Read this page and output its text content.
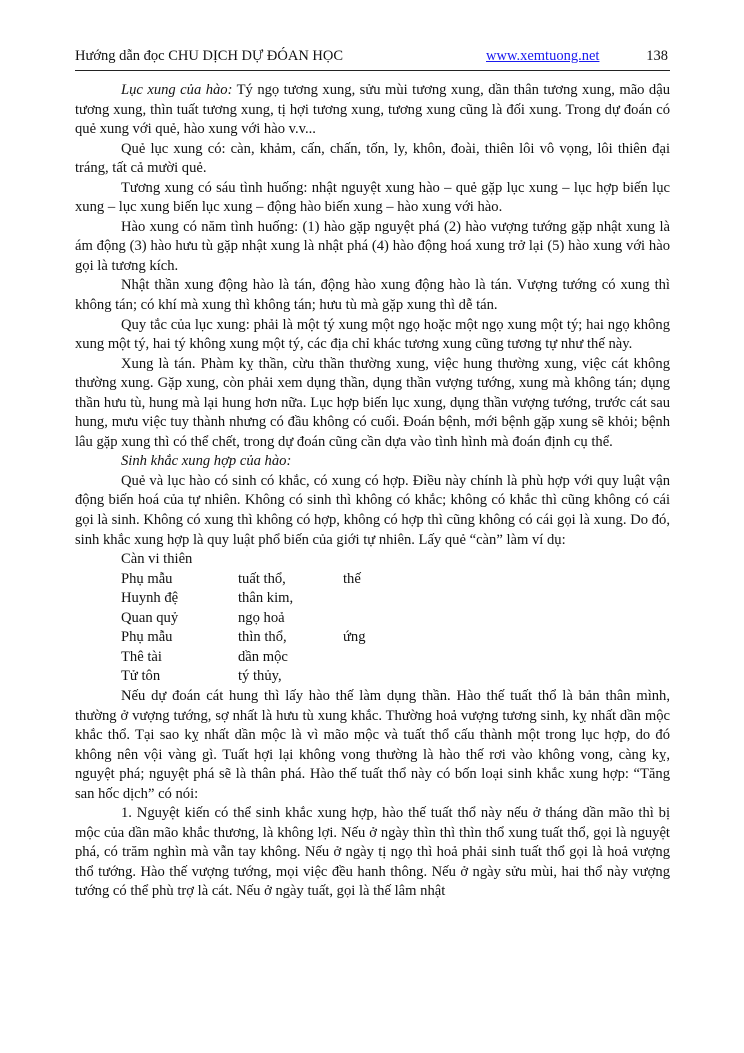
Hướng dẫn đọc CHU DỊCH DỰ ĐÓAN HỌC	www.xemtuong.net	138

Lục xung của hào: Tý ngọ tương xung, sửu mùi tương xung, dần thân tương xung, mão dậu tương xung, thìn tuất tương xung, tị hợi tương xung, tương xung cũng là đối xung. Trong dự đoán có quẻ xung với quẻ, hào xung với hào v.v...

Quẻ lục xung có: càn, khảm, cấn, chấn, tốn, ly, khôn, đoài, thiên lôi vô vọng, lôi thiên đại tráng, tất cả mười quẻ.

Tương xung có sáu tình huống: nhật nguyệt xung hào – quẻ gặp lục xung – lục hợp biến lục xung – lục xung biến lục xung – động hào biến xung – hào xung với hào.

Hào xung có năm tình huống: (1) hào gặp nguyệt phá (2) hào vượng tướng gặp nhật xung là ám động (3) hào hưu tù gặp nhật xung là nhật phá (4) hào động hoá xung trở lại (5) hào xung với hào gọi là tương kích.

Nhật thần xung động hào là tán, động hào xung động hào là tán. Vượng tướng có xung thì không tán; có khí mà xung thì không tán; hưu tù mà gặp xung thì dễ tán.

Quy tắc của lục xung: phải là một tý xung một ngọ hoặc một ngọ xung một tý; hai ngọ không xung một tý, hai tý không xung một tý, các địa chỉ khác tương xung cũng tương tự như thế này.

Xung là tán. Phàm kỵ thần, cừu thần thường xung, việc hung thường xung, việc cát không thường xung. Gặp xung, còn phải xem dụng thần, dụng thần vượng tướng, xung mà không tán; dụng thần hưu tù, hung mà lại hung hơn nữa. Lục hợp biến lục xung, dụng thần vượng tướng, trước cát sau hung, mưu việc tuy thành nhưng có đầu không có cuối. Đoán bệnh, mới bệnh gặp xung sẽ khỏi; bệnh lâu gặp xung thì có thể chết, trong dự đoán cũng cần dựa vào tình hình mà đoán định cụ thể.

Sinh khắc xung hợp của hào:

Quẻ và lục hào có sinh có khắc, có xung có hợp. Điều này chính là phù hợp với quy luật vận động biến hoá của tự nhiên. Không có sinh thì không có khắc; không có khắc thì cũng không có cái gọi là sinh. Không có xung thì không có hợp, không có hợp thì cũng không có cái gọi là xung. Do đó, sinh khắc xung hợp là quy luật phổ biến của giới tự nhiên. Lấy quẻ “càn” làm ví dụ:

Càn vi thiên
Phụ mẫu	tuất thổ,	thế
Huynh đệ	thân kim,
Quan quỷ	ngọ hoả
Phụ mẫu	thìn thổ,	ứng
Thê tài	dần mộc
Tử tôn	tý thủy,

Nếu dự đoán cát hung thì lấy hào thế làm dụng thần. Hào thế tuất thổ là bản thân mình, thường ở vượng tướng, sợ nhất là hưu tù xung khắc. Thường hoả vượng tương sinh, kỵ nhất dần mộc khắc thổ. Tại sao kỵ nhất dần mộc là vì mão mộc và tuất thổ cấu thành một trong lục hợp, do đó không nên vội vàng gì. Tuất hợi lại không vong thường là hào thế rơi vào không vong, càng kỵ, nguyệt phá; nguyệt phá sẽ là thân phá. Hào thế tuất thổ này có bốn loại sinh khắc xung hợp: “Tăng san hốc dịch” có nói:

1. Nguyệt kiến có thể sinh khắc xung hợp, hào thế tuất thổ này nếu ở tháng dần mão thì bị mộc của dần mão khắc thương, là không lợi. Nếu ở ngày thìn thì thìn thổ xung tuất thổ, gọi là nguyệt phá, có trăm nghìn mà vẫn tay không. Nếu ở ngày tị ngọ thì hoả phải sinh tuất thổ gọi là hoả vượng thổ tướng. Hào thế vượng tướng, mọi việc đều hanh thông. Nếu ở ngày sửu mùi, hai thổ này vượng tướng có thể phù trợ là cát. Nếu ở ngày tuất, gọi là thế lâm nhật
